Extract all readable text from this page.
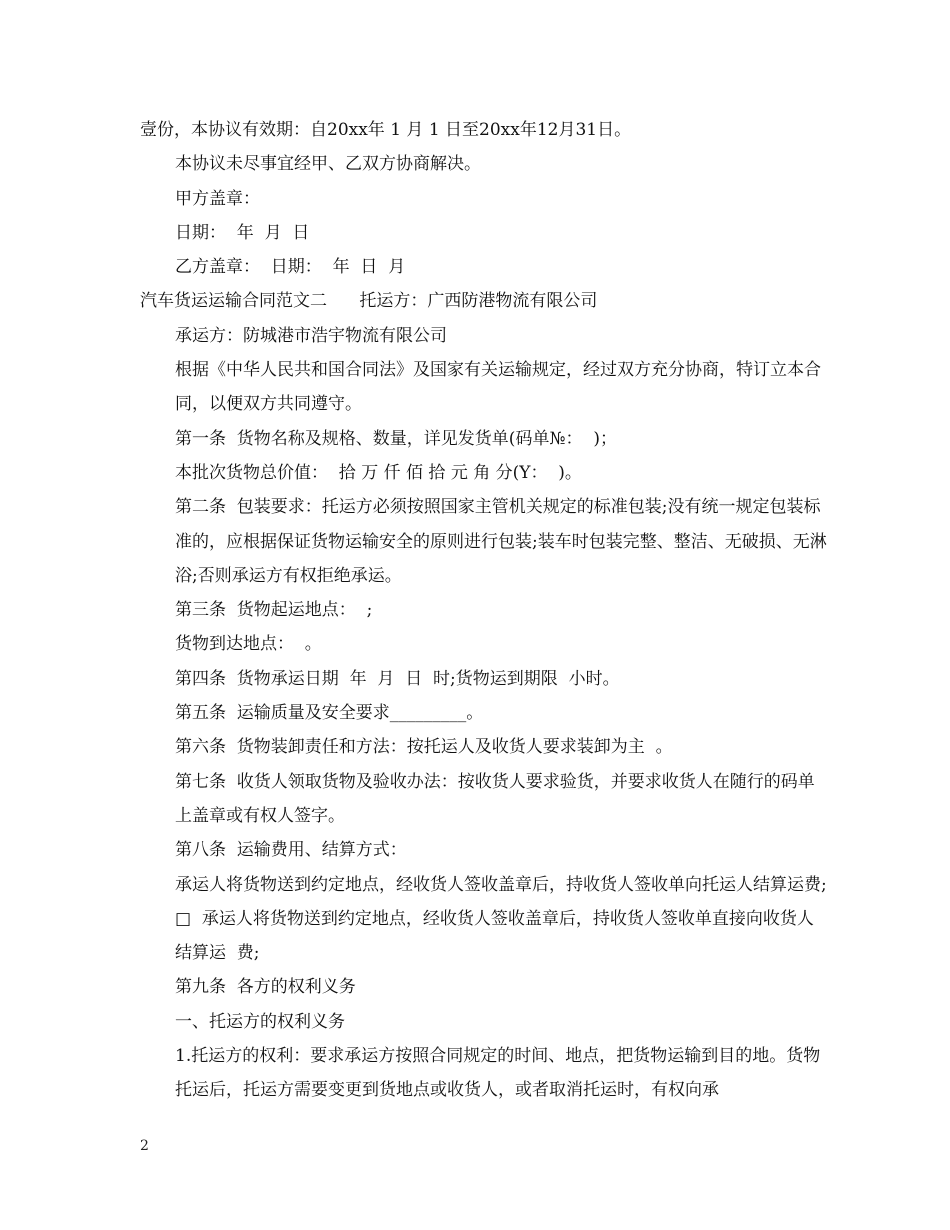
壹份，本协议有效期：自20xx年 1 月 1 日至20xx年12月31日。

本协议未尽事宜经甲、乙双方协商解决。

甲方盖章：

日期：  年  月  日

乙方盖章：  日期：  年  日  月

汽车货运运输合同范文二      托运方：广西防港物流有限公司

承运方：防城港市浩宇物流有限公司

根据《中华人民共和国合同法》及国家有关运输规定，经过双方充分协商，特订立本合同，以便双方共同遵守。

第一条  货物名称及规格、数量，详见发货单(码单№：  )；

本批次货物总价值：  拾 万 仟 佰 拾 元 角 分(Y：  )。

第二条  包装要求：托运方必须按照国家主管机关规定的标准包装;没有统一规定包装标准的，应根据保证货物运输安全的原则进行包装;装车时包装完整、整洁、无破损、无淋浴;否则承运方有权拒绝承运。

第三条  货物起运地点：  ;

货物到达地点：  。

第四条  货物承运日期  年  月  日  时;货物运到期限  小时。

第五条  运输质量及安全要求_________。

第六条  货物装卸责任和方法：按托运人及收货人要求装卸为主  。

第七条  收货人领取货物及验收办法：按收货人要求验货，并要求收货人在随行的码单上盖章或有权人签字。

第八条  运输费用、结算方式：

承运人将货物送到约定地点，经收货人签收盖章后，持收货人签收单向托运人结算运费; □  承运人将货物送到约定地点，经收货人签收盖章后，持收货人签收单直接向收货人结算运  费;

第九条  各方的权利义务

一、托运方的权利义务

1.托运方的权利：要求承运方按照合同规定的时间、地点，把货物运输到目的地。货物托运后，托运方需要变更到货地点或收货人，或者取消托运时，有权向承

2
